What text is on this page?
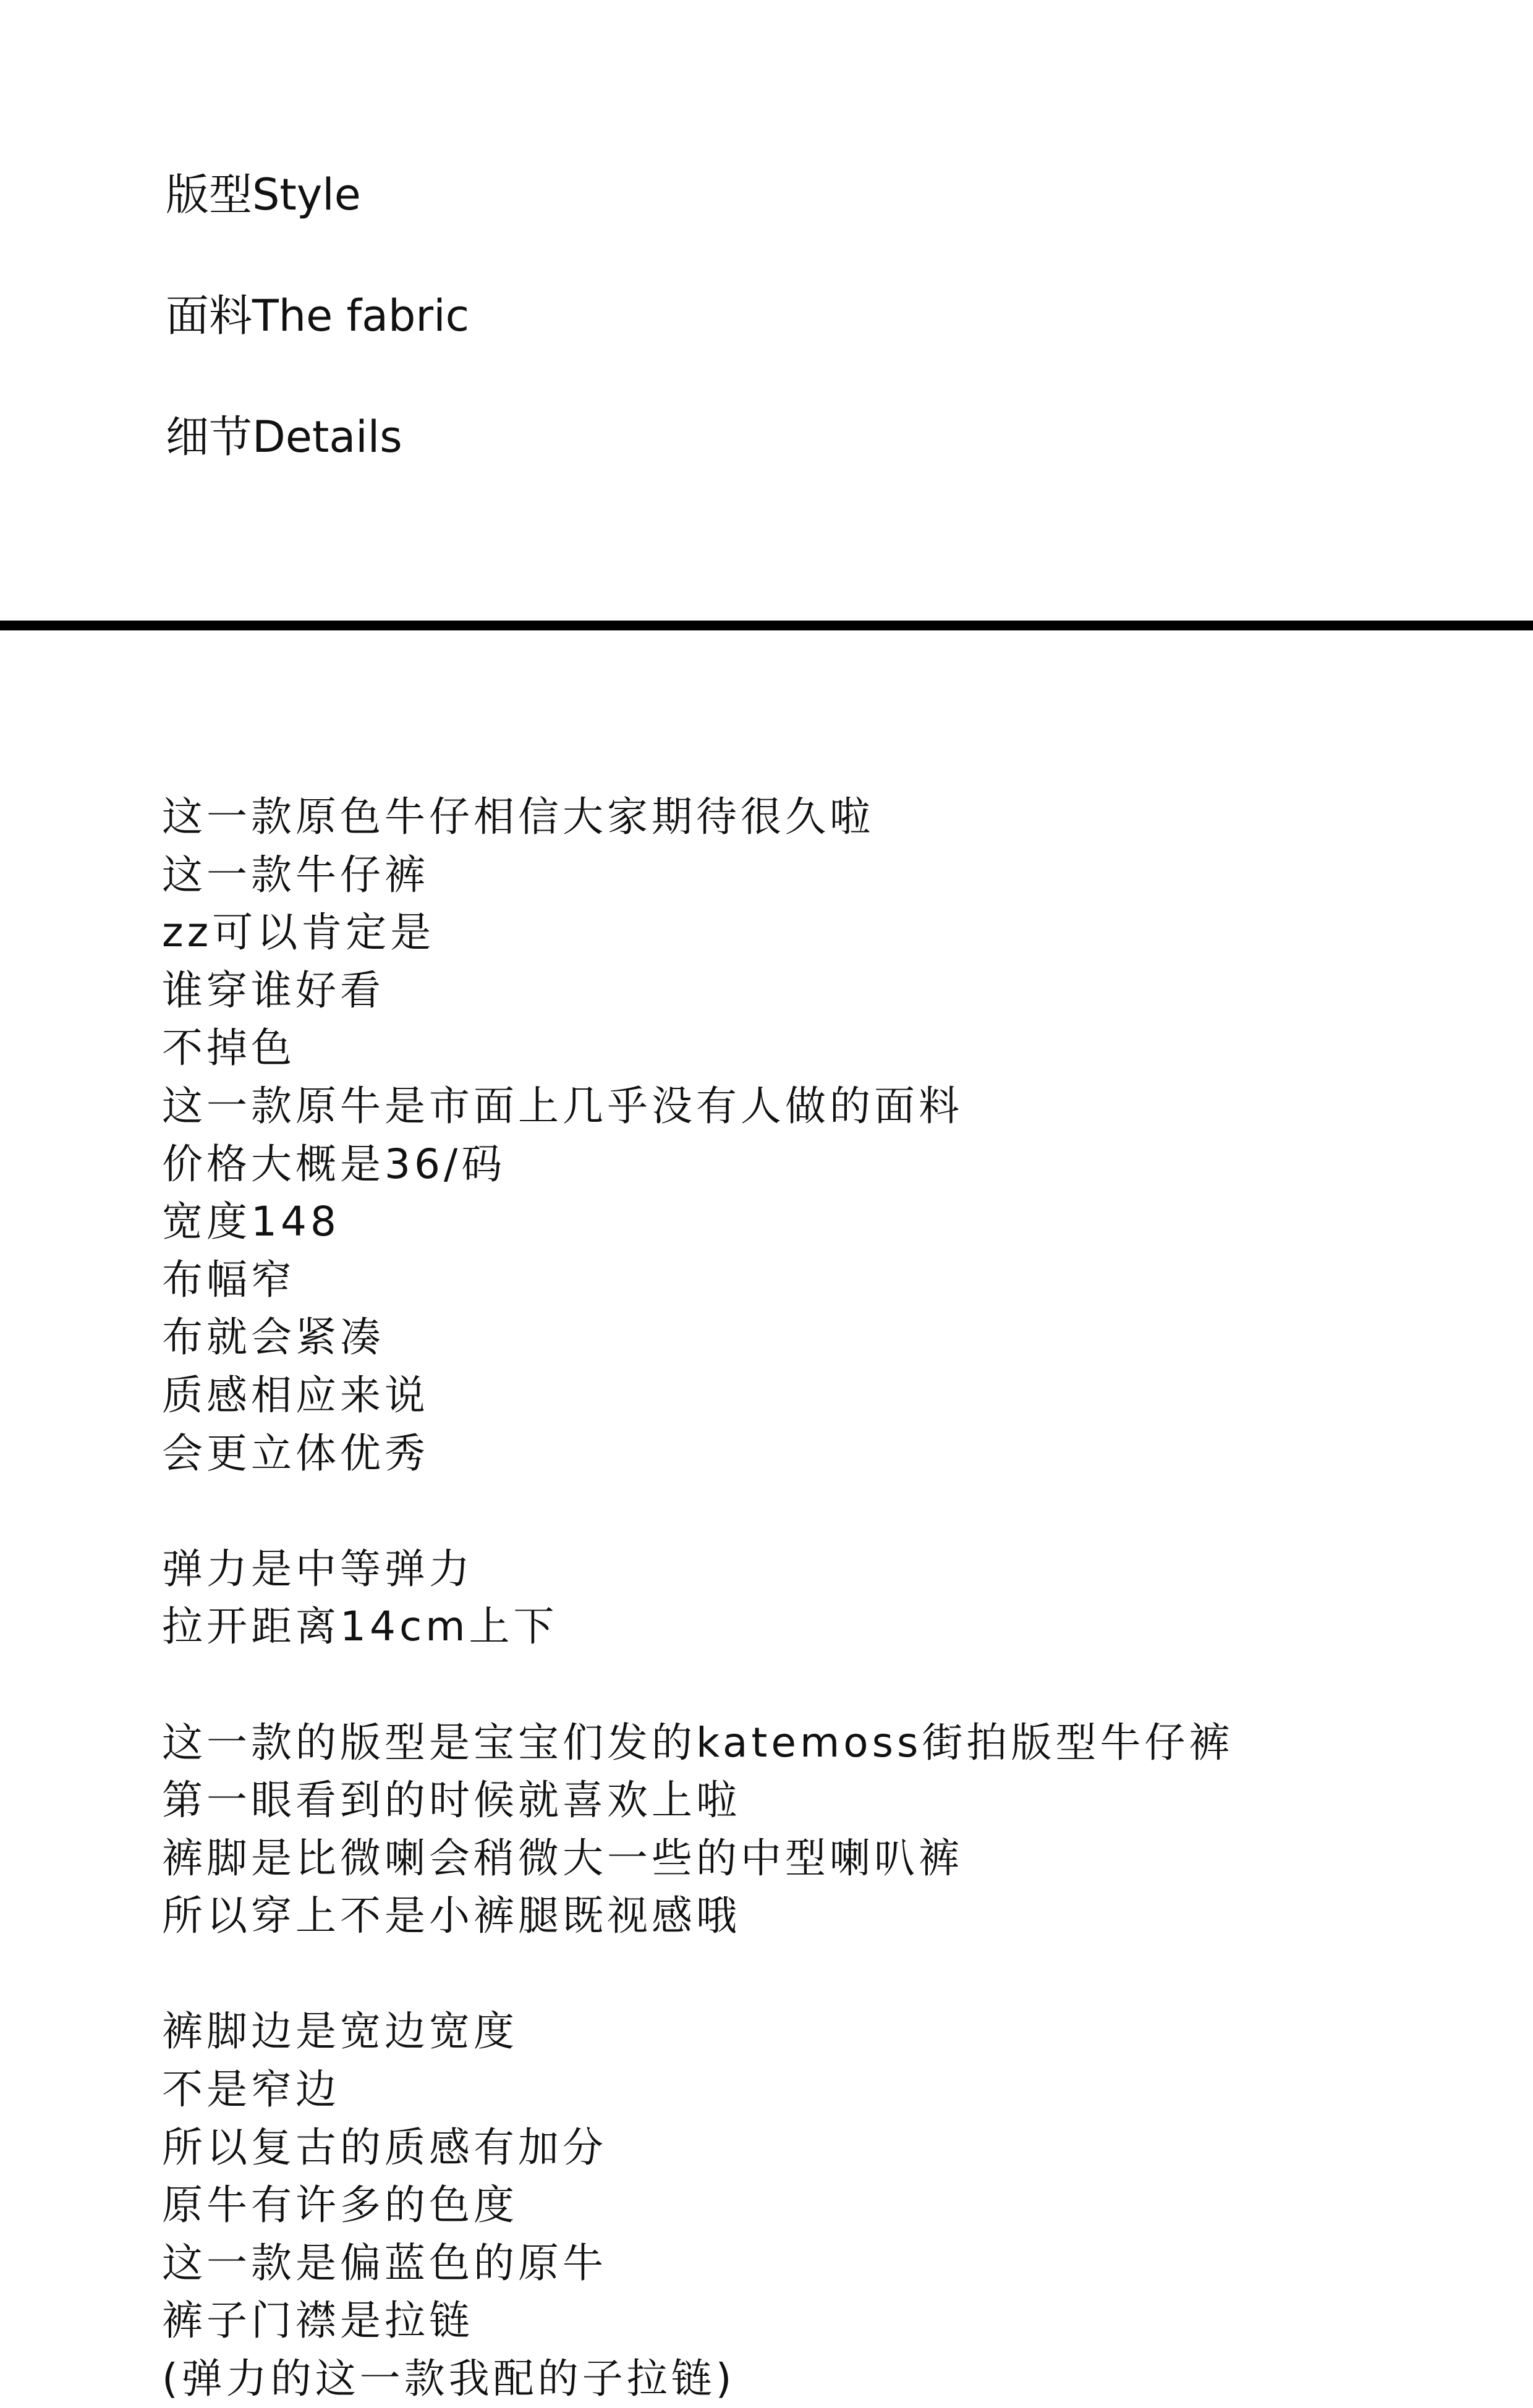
版型Style
面料The fabric
细节Details
这一款原色牛仔相信大家期待很久啦
这一款牛仔裤
zz可以肯定是
谁穿谁好看
不掉色
这一款原牛是市面上几乎没有人做的面料
价格大概是36/码
宽度148
布幅窄
布就会紧凑
质感相应来说
会更立体优秀
弹力是中等弹力
拉开距离14cm上下
这一款的版型是宝宝们发的katemoss街拍版型牛仔裤
第一眼看到的时候就喜欢上啦
裤脚是比微喇会稍微大一些的中型喇叭裤
所以穿上不是小裤腿既视感哦
裤脚边是宽边宽度
不是窄边
所以复古的质感有加分
原牛有许多的色度
这一款是偏蓝色的原牛
裤子门襟是拉链
(弹力的这一款我配的子拉链)
